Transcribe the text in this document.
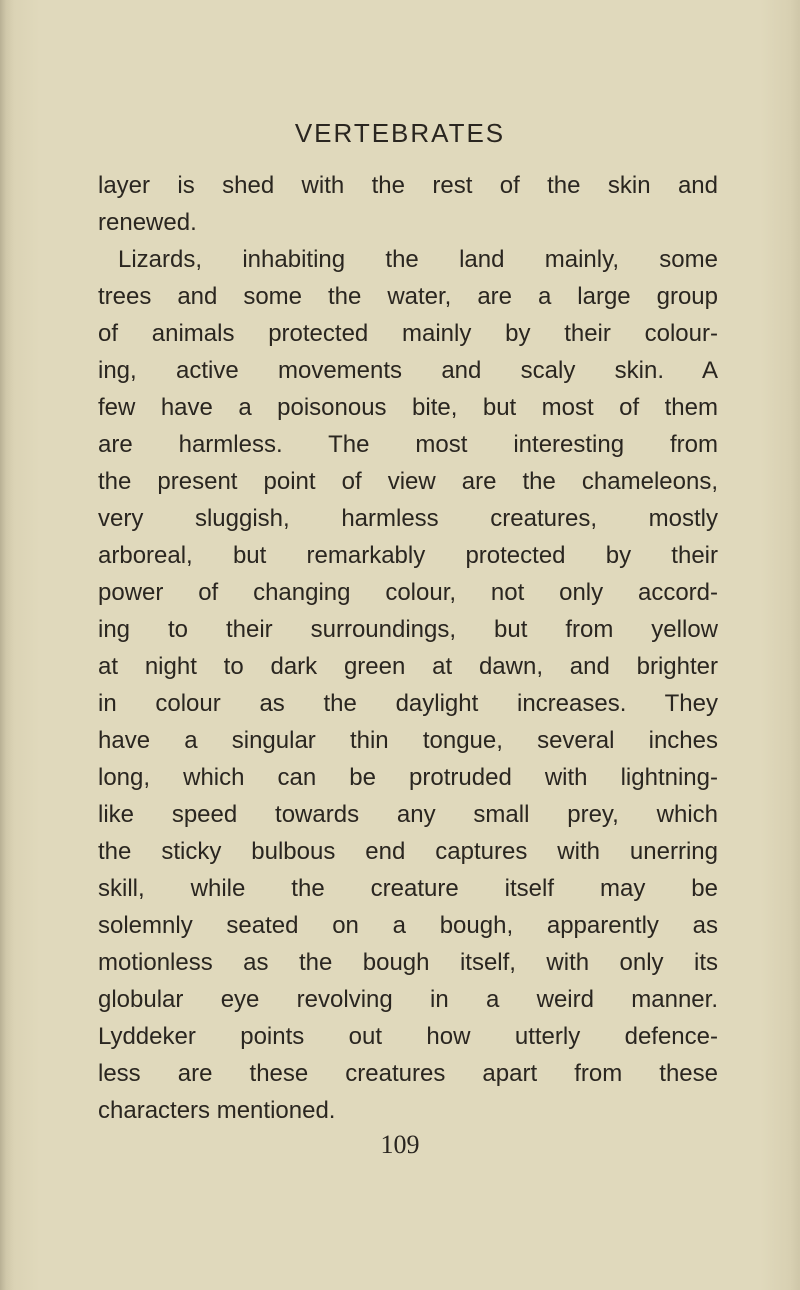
VERTEBRATES
layer is shed with the rest of the skin and
renewed.
Lizards, inhabiting the land mainly, some
trees and some the water, are a large group
of animals protected mainly by their colour-
ing, active movements and scaly skin. A
few have a poisonous bite, but most of them
are harmless. The most interesting from
the present point of view are the chameleons,
very sluggish, harmless creatures, mostly
arboreal, but remarkably protected by their
power of changing colour, not only accord-
ing to their surroundings, but from yellow
at night to dark green at dawn, and brighter
in colour as the daylight increases. They
have a singular thin tongue, several inches
long, which can be protruded with lightning-
like speed towards any small prey, which
the sticky bulbous end captures with unerring
skill, while the creature itself may be
solemnly seated on a bough, apparently as
motionless as the bough itself, with only its
globular eye revolving in a weird manner.
Lyddeker points out how utterly defence-
less are these creatures apart from these
characters mentioned.
109
